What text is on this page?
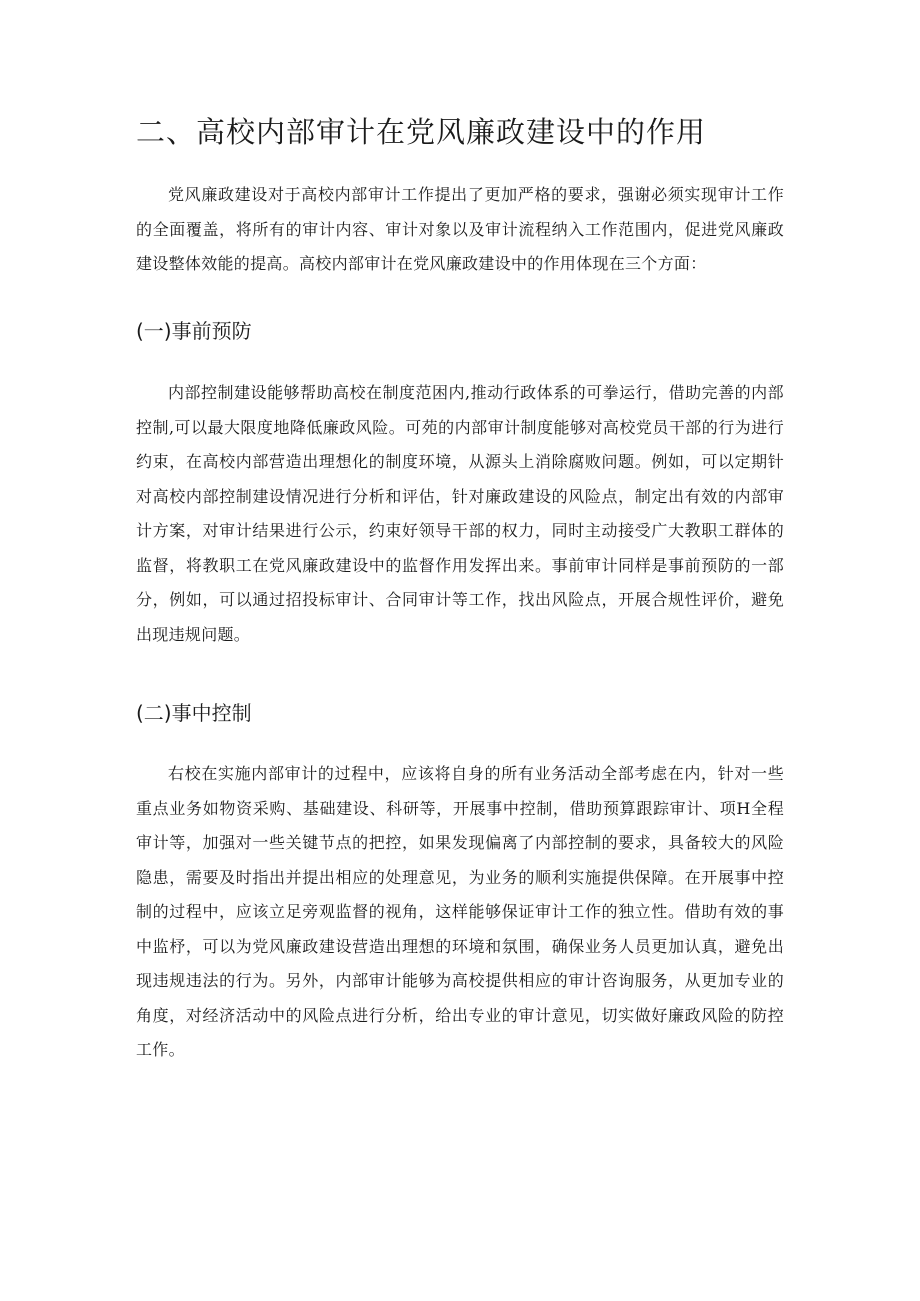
二、高校内部审计在党风廉政建设中的作用

党风廉政建设对于高校内部审计工作提出了更加严格的要求，强谢必须实现审计工作的全面覆盖，将所有的审计内容、审计对象以及审计流程纳入工作范围内，促进党风廉政建设整体效能的提高。高校内部审计在党风廉政建设中的作用体现在三个方面：

(一)事前预防

内部控制建设能够帮助高校在制度范困内,推动行政体系的可拳运行，借助完善的内部控制,可以最大限度地降低廉政风险。可苑的内部审计制度能够对高校党员干部的行为进行约束，在高校内部营造出理想化的制度环境，从源头上消除腐败问题。例如，可以定期针对高校内部控制建设情况进行分析和评估，针对廉政建设的风险点，制定出有效的内部审计方案，对审计结果进行公示，约束好领导干部的权力，同时主动接受广大教职工群体的监督，将教职工在党风廉政建设中的监督作用发挥出来。事前审计同样是事前预防的一部分，例如，可以通过招投标审计、合同审计等工作，找出风险点，开展合规性评价，避免出现违规问题。

(二)事中控制

右校在实施内部审计的过程中，应该将自身的所有业务活动全部考虑在内，针对一些重点业务如物资采购、基础建设、科研等，开展事中控制，借助预算跟踪审计、项H全程审计等，加强对一些关键节点的把控，如果发现偏离了内部控制的要求，具备较大的风险隐患，需要及时指出并提出相应的处理意见，为业务的顺利实施提供保障。在开展事中控制的过程中，应该立足旁观监督的视角，这样能够保证审计工作的独立性。借助有效的事中监杼，可以为党风廉政建设营造出理想的环境和氛围，确保业务人员更加认真，避免出现违规违法的行为。另外，内部审计能够为高校提供相应的审计咨询服务，从更加专业的角度，对经济活动中的风险点进行分析，给出专业的审计意见，切实做好廉政风险的防控工作。
